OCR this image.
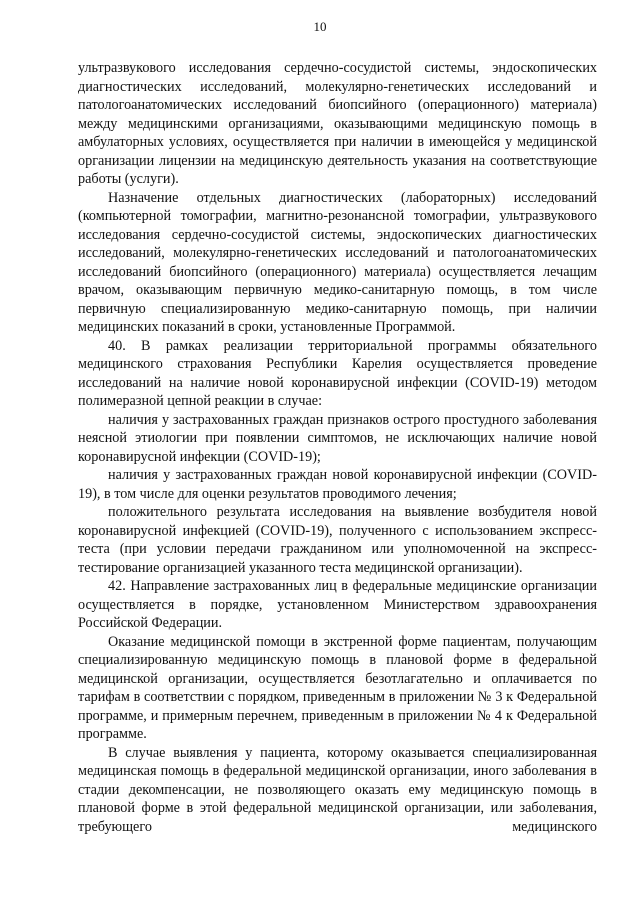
10

ультразвукового исследования сердечно-сосудистой системы, эндоскопических диагностических исследований, молекулярно-генетических исследований и патологоанатомических исследований биопсийного (операционного) материала) между медицинскими организациями, оказывающими медицинскую помощь в амбулаторных условиях, осуществляется при наличии в имеющейся у медицинской организации лицензии на медицинскую деятельность указания на соответствующие работы (услуги).

Назначение отдельных диагностических (лабораторных) исследований (компьютерной томографии, магнитно-резонансной томографии, ультразвукового исследования сердечно-сосудистой системы, эндоскопических диагностических исследований, молекулярно-генетических исследований и патологоанатомических исследований биопсийного (операционного) материала) осуществляется лечащим врачом, оказывающим первичную медико-санитарную помощь, в том числе первичную специализированную медико-санитарную помощь, при наличии медицинских показаний в сроки, установленные Программой.

40. В рамках реализации территориальной программы обязательного медицинского страхования Республики Карелия осуществляется проведение исследований на наличие новой коронавирусной инфекции (COVID-19) методом полимеразной цепной реакции в случае:

наличия у застрахованных граждан признаков острого простудного заболевания неясной этиологии при появлении симптомов, не исключающих наличие новой коронавирусной инфекции (COVID-19);

наличия у застрахованных граждан новой коронавирусной инфекции (COVID-19), в том числе для оценки результатов проводимого лечения;

положительного результата исследования на выявление возбудителя новой коронавирусной инфекцией (COVID-19), полученного с использованием экспресс-теста (при условии передачи гражданином или уполномоченной на экспресс-тестирование организацией указанного теста медицинской организации).

42. Направление застрахованных лиц в федеральные медицинские организации осуществляется в порядке, установленном Министерством здравоохранения Российской Федерации.

Оказание медицинской помощи в экстренной форме пациентам, получающим специализированную медицинскую помощь в плановой форме в федеральной медицинской организации, осуществляется безотлагательно и оплачивается по тарифам в соответствии с порядком, приведенным в приложении № 3 к Федеральной программе, и примерным перечнем, приведенным в приложении № 4 к Федеральной программе.

В случае выявления у пациента, которому оказывается специализированная медицинская помощь в федеральной медицинской организации, иного заболевания в стадии декомпенсации, не позволяющего оказать ему медицинскую помощь в плановой форме в этой федеральной медицинской организации, или заболевания, требующего медицинского
